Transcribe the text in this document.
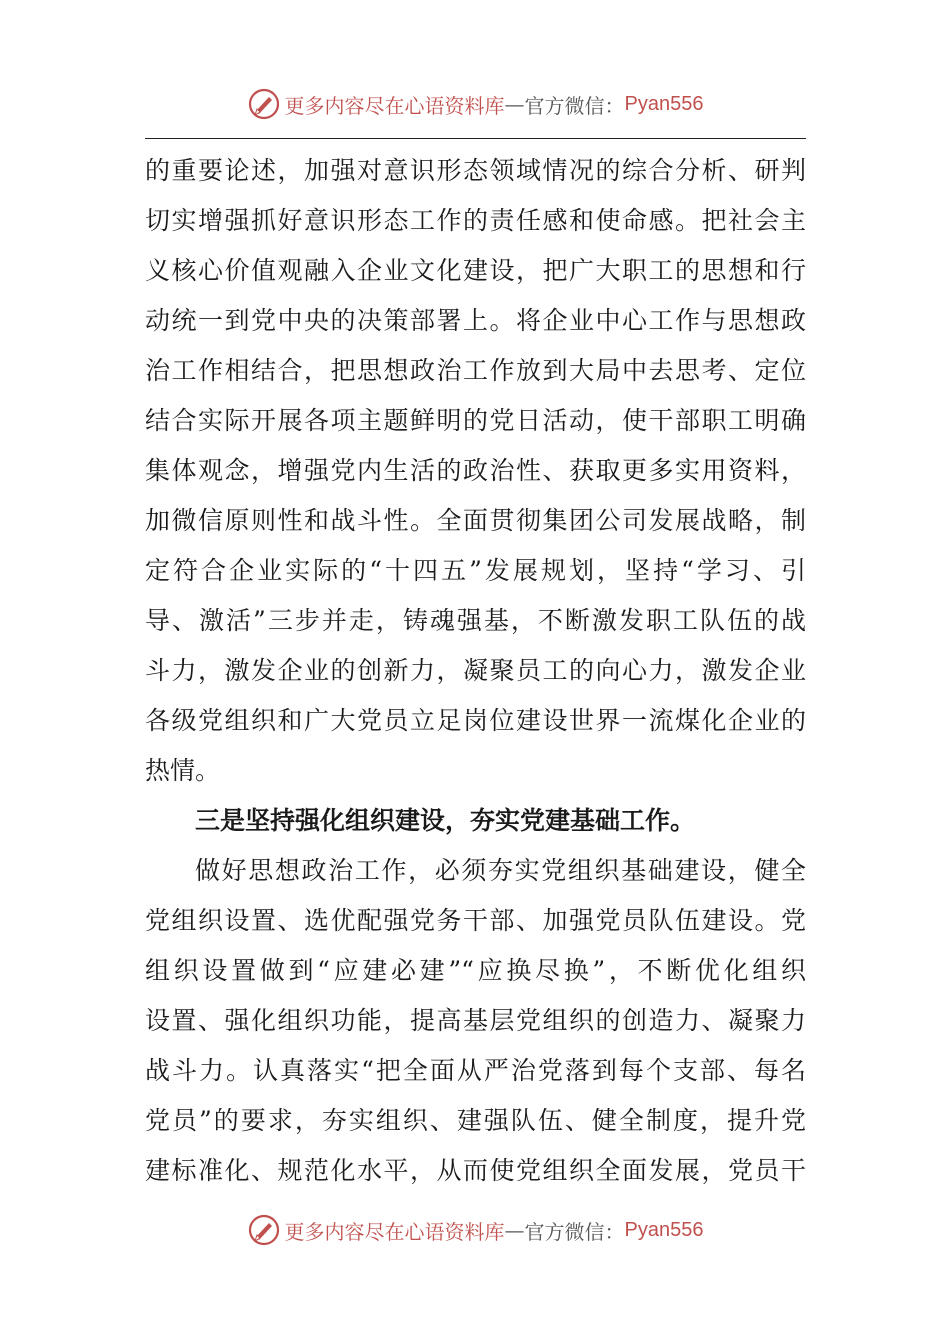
更多内容尽在心语资料库 — 官方微信： Pyan556
的重要论述，加强对意识形态领域情况的综合分析、研判
切实增强抓好意识形态工作的责任感和使命感。把社会主
义核心价值观融入企业文化建设，把广大职工的思想和行
动统一到党中央的决策部署上。将企业中心工作与思想政
治工作相结合，把思想政治工作放到大局中去思考、定位
结合实际开展各项主题鲜明的党日活动，使干部职工明确
集体观念，增强党内生活的政治性、获取更多实用资料，
加微信原则性和战斗性。全面贯彻集团公司发展战略，制
定符合企业实际的“十四五”发展规划，坚持“学习、引
导、激活”三步并走，铸魂强基，不断激发职工队伍的战
斗力，激发企业的创新力，凝聚员工的向心力，激发企业
各级党组织和广大党员立足岗位建设世界一流煤化企业的
热情。
三是坚持强化组织建设，夯实党建基础工作。
做好思想政治工作，必须夯实党组织基础建设，健全
党组织设置、选优配强党务干部、加强党员队伍建设。党
组织设置做到“应建必建”“应换尽换”，不断优化组织
设置、强化组织功能，提高基层党组织的创造力、凝聚力
战斗力。认真落实“把全面从严治党落到每个支部、每名
党员”的要求，夯实组织、建强队伍、健全制度，提升党
建标准化、规范化水平，从而使党组织全面发展，党员干
更多内容尽在心语资料库 — 官方微信： Pyan556
